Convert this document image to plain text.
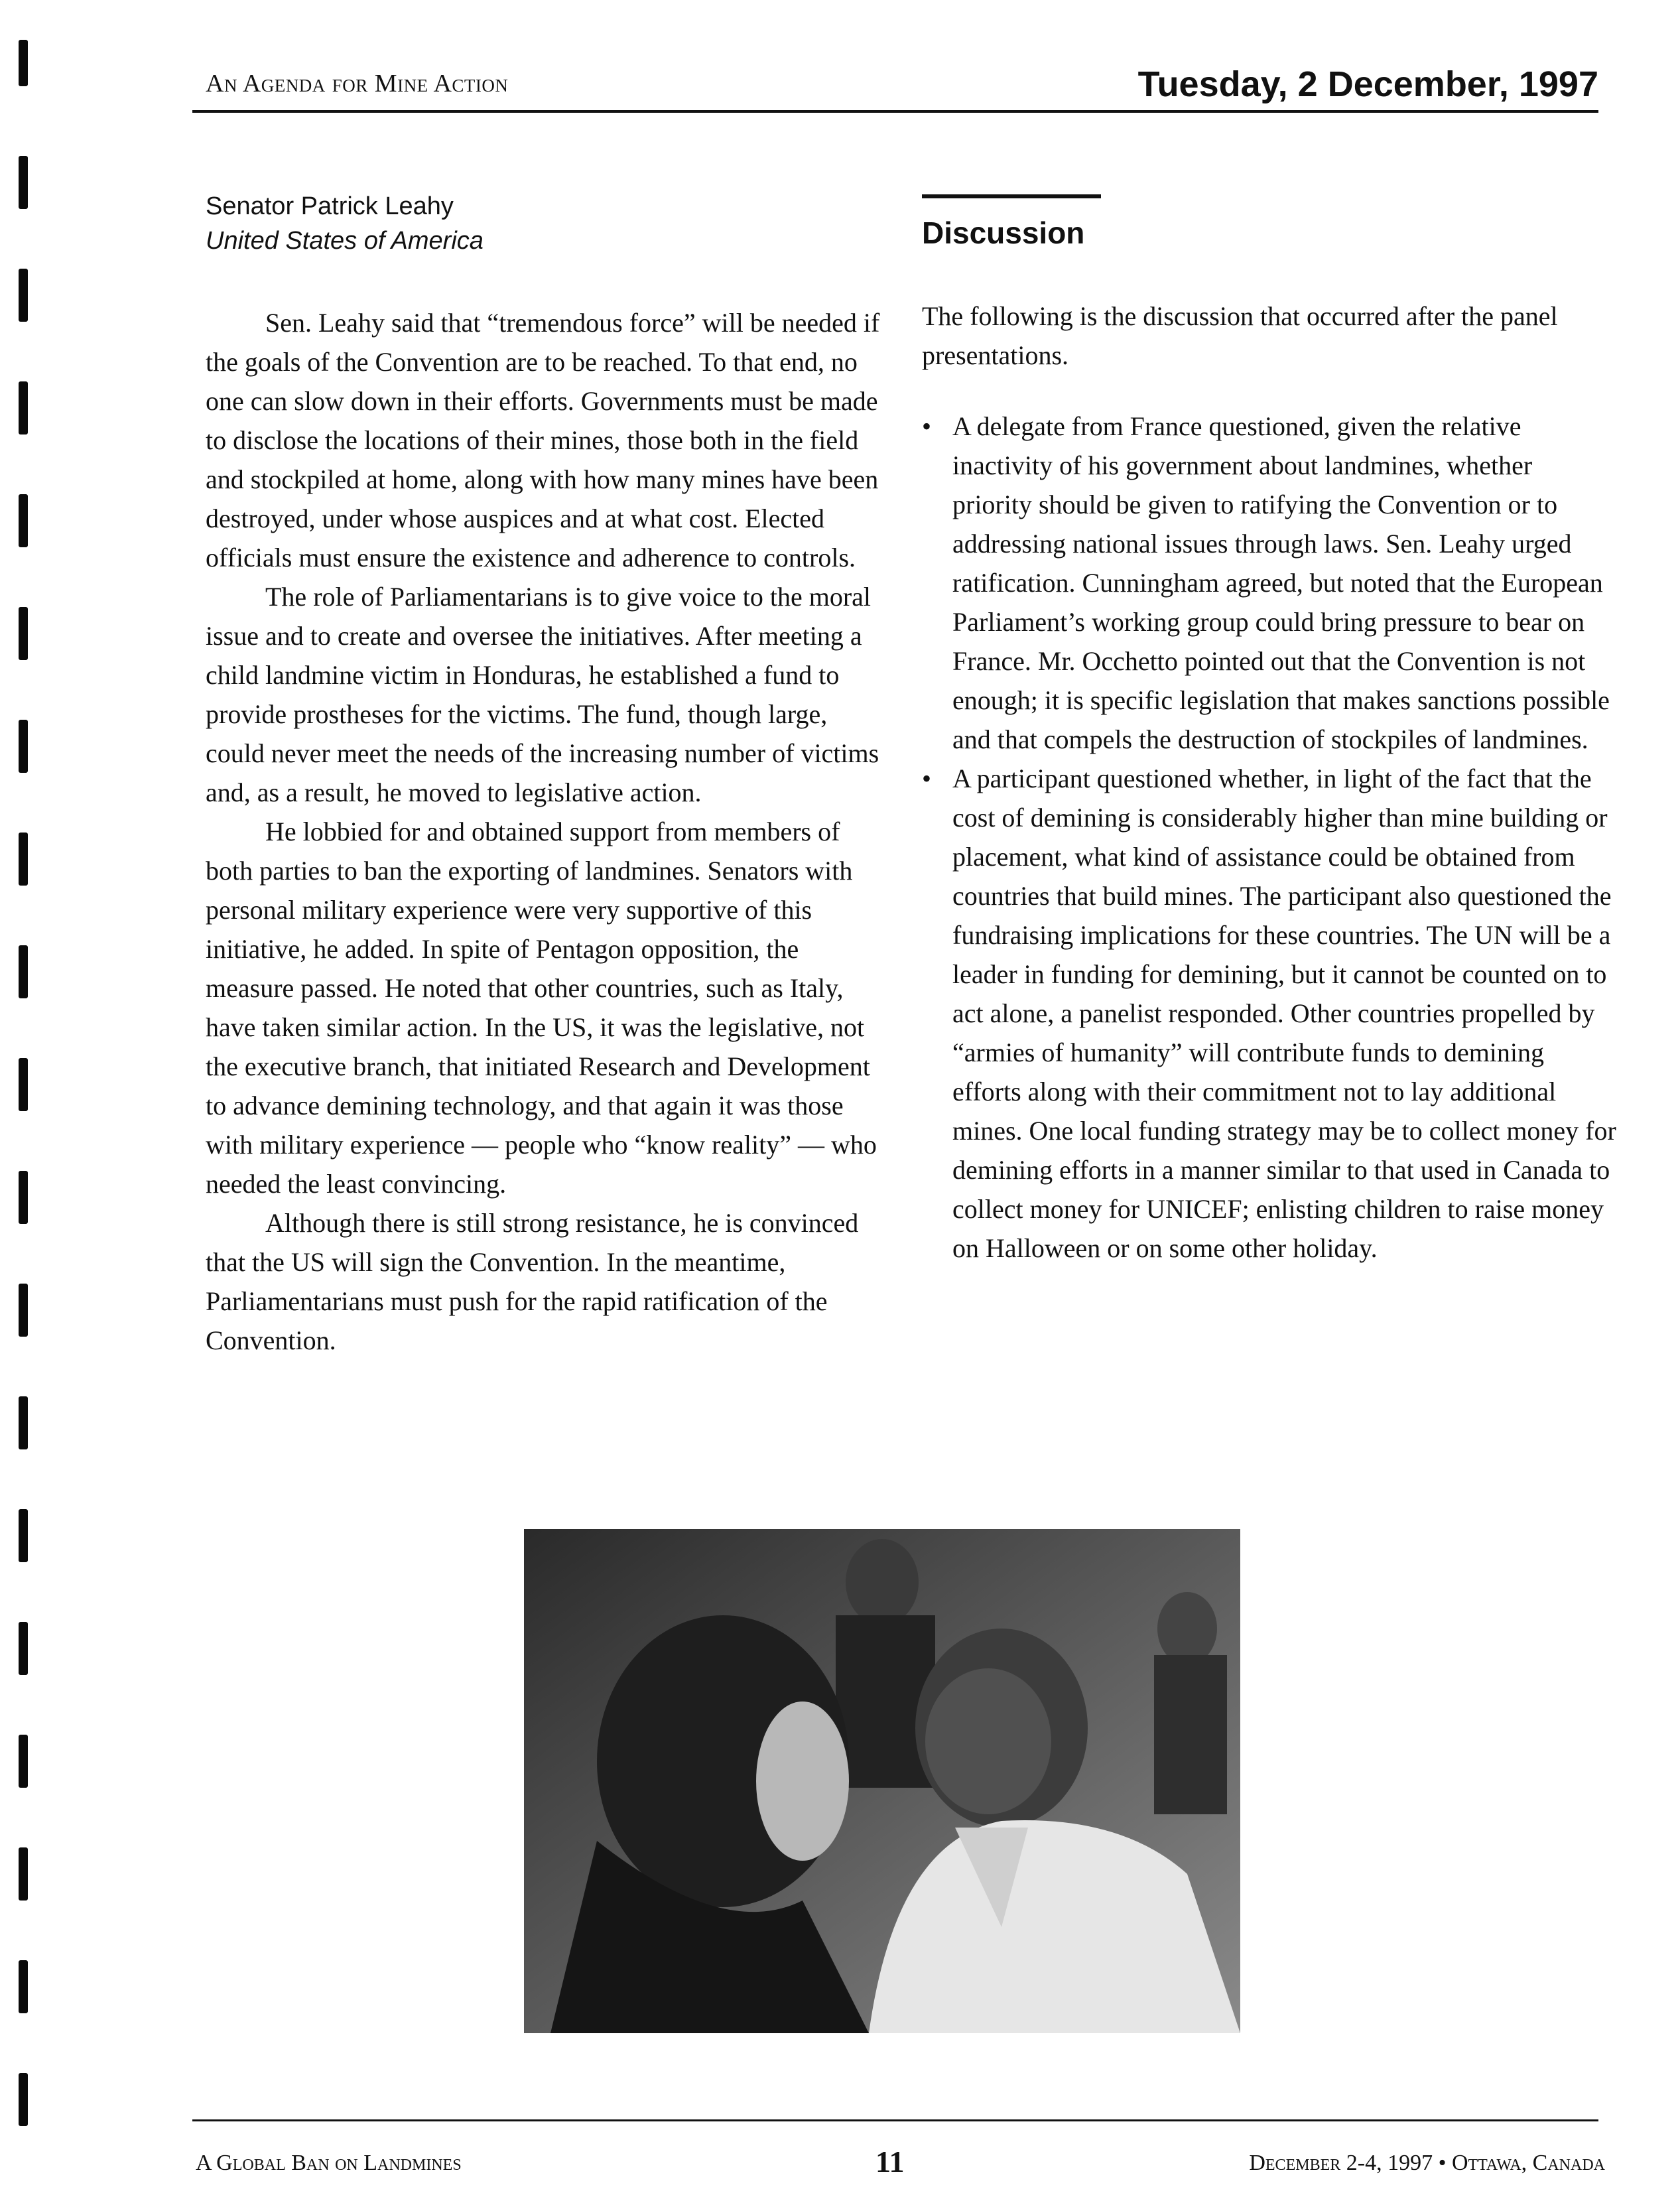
An Agenda for Mine Action	Tuesday, 2 December, 1997
Senator Patrick Leahy
United States of America

Sen. Leahy said that “tremendous force” will be needed if the goals of the Convention are to be reached. To that end, no one can slow down in their efforts. Governments must be made to disclose the locations of their mines, those both in the field and stockpiled at home, along with how many mines have been destroyed, under whose auspices and at what cost. Elected officials must ensure the existence and adherence to controls.

The role of Parliamentarians is to give voice to the moral issue and to create and oversee the initiatives. After meeting a child landmine victim in Honduras, he established a fund to provide prostheses for the victims. The fund, though large, could never meet the needs of the increasing number of victims and, as a result, he moved to legislative action.

He lobbied for and obtained support from members of both parties to ban the exporting of landmines. Senators with personal military experience were very supportive of this initiative, he added. In spite of Pentagon opposition, the measure passed. He noted that other countries, such as Italy, have taken similar action. In the US, it was the legislative, not the executive branch, that initiated Research and Development to advance demining technology, and that again it was those with military experience — people who “know reality” — who needed the least convincing.

Although there is still strong resistance, he is convinced that the US will sign the Convention. In the meantime, Parliamentarians must push for the rapid ratification of the Convention.

Discussion

The following is the discussion that occurred after the panel presentations.

• A delegate from France questioned, given the relative inactivity of his government about landmines, whether priority should be given to ratifying the Convention or to addressing national issues through laws. Sen. Leahy urged ratification. Cunningham agreed, but noted that the European Parliament’s working group could bring pressure to bear on France. Mr. Occhetto pointed out that the Convention is not enough; it is specific legislation that makes sanctions possible and that compels the destruction of stockpiles of landmines.
• A participant questioned whether, in light of the fact that the cost of demining is considerably higher than mine building or placement, what kind of assistance could be obtained from countries that build mines. The participant also questioned the fundraising implications for these countries. The UN will be a leader in funding for demining, but it cannot be counted on to act alone, a panelist responded. Other countries propelled by “armies of humanity” will contribute funds to demining efforts along with their commitment not to lay additional mines. One local funding strategy may be to collect money for demining efforts in a manner similar to that used in Canada to collect money for UNICEF; enlisting children to raise money on Halloween or on some other holiday.
A Global Ban on Landmines	11	December 2-4, 1997 • Ottawa, Canada
